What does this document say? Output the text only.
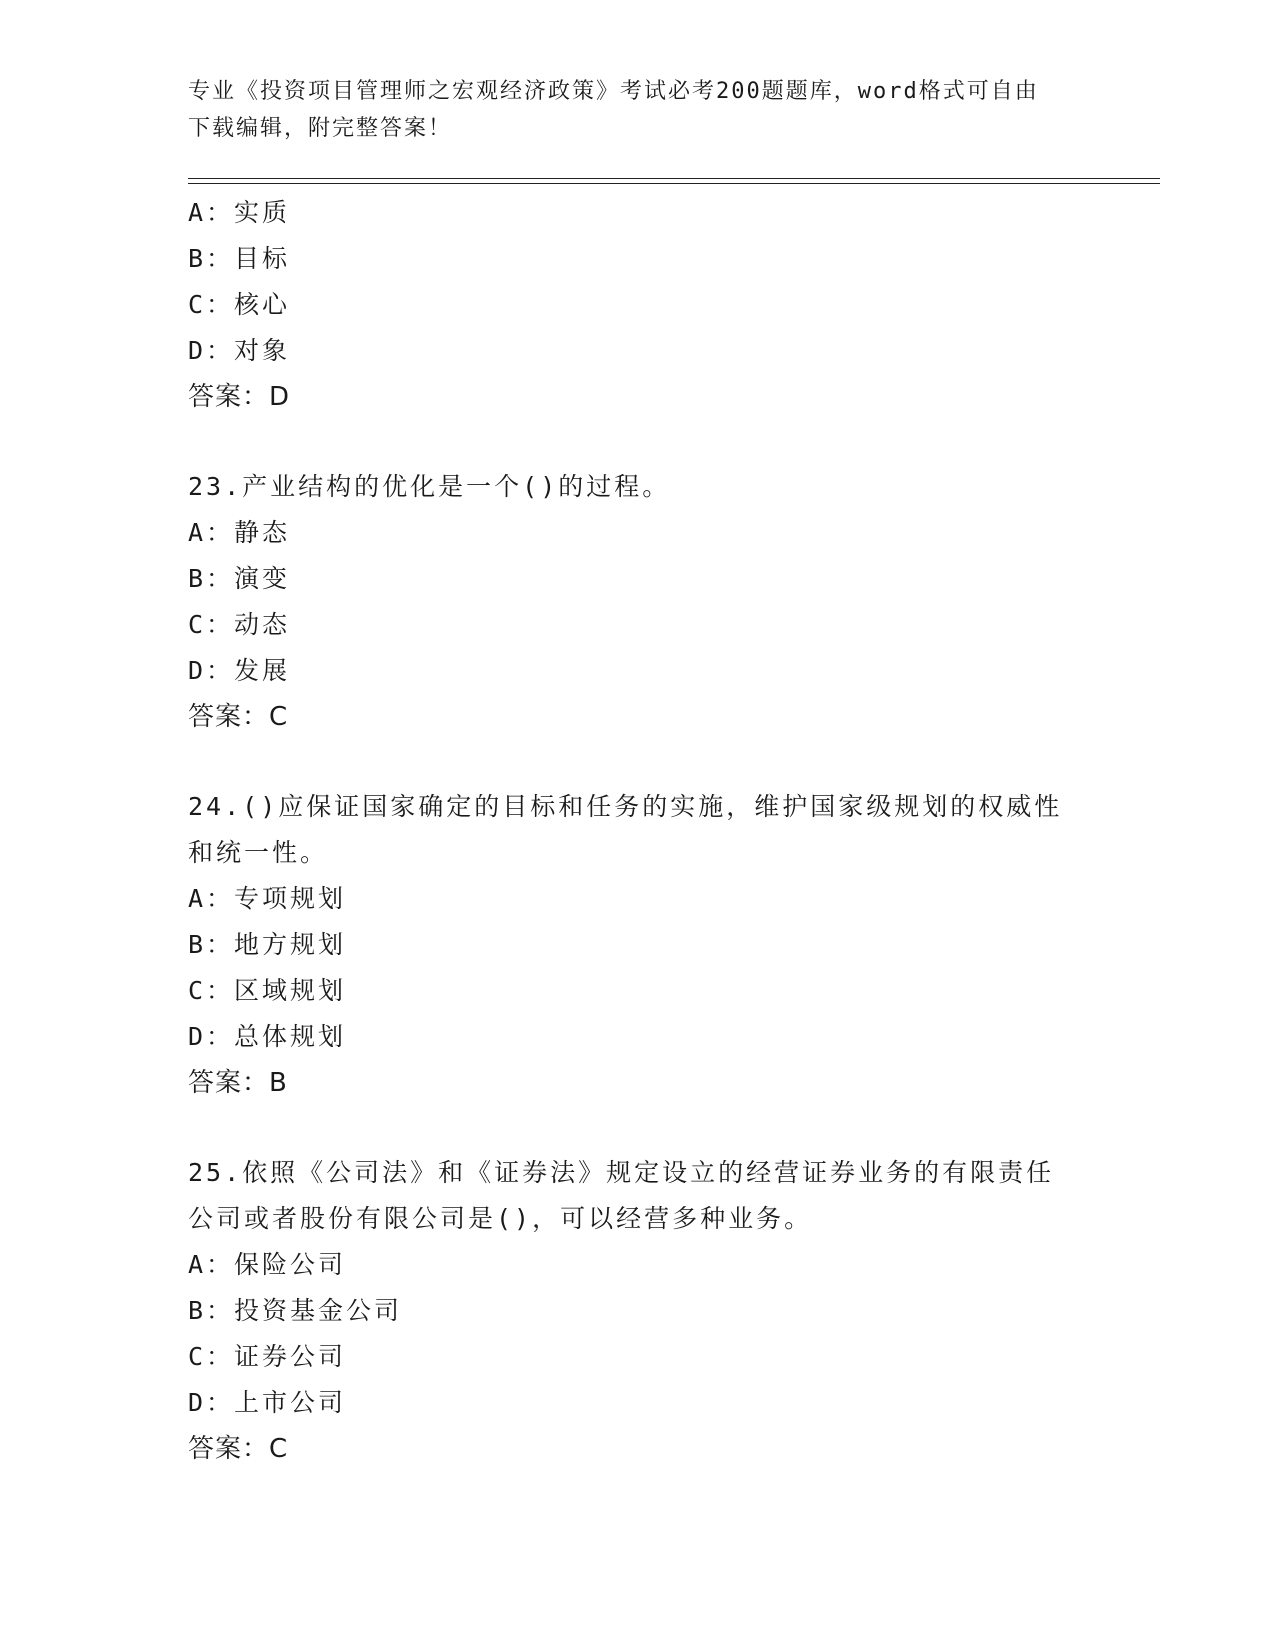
专业《投资项目管理师之宏观经济政策》考试必考200题题库，word格式可自由
下载编辑，附完整答案！
A：实质
B：目标
C：核心
D：对象
答案：D
23.产业结构的优化是一个()的过程。
A：静态
B：演变
C：动态
D：发展
答案：C
24.()应保证国家确定的目标和任务的实施，维护国家级规划的权威性
和统一性。
A：专项规划
B：地方规划
C：区域规划
D：总体规划
答案：B
25.依照《公司法》和《证券法》规定设立的经营证券业务的有限责任
公司或者股份有限公司是()，可以经营多种业务。
A：保险公司
B：投资基金公司
C：证券公司
D：上市公司
答案：C
